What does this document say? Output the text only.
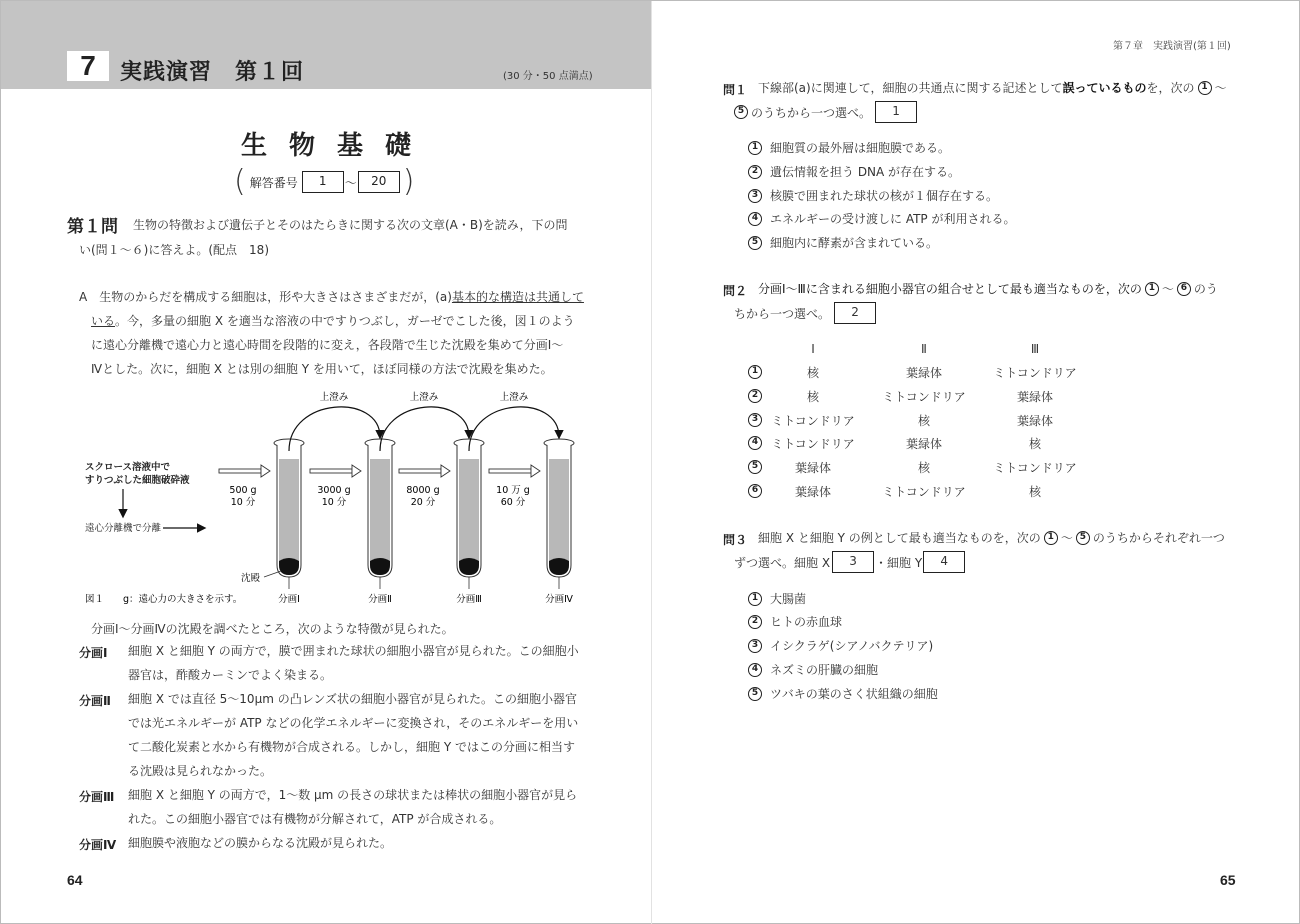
7	実践演習　第１回	(30 分・50 点満点)
生物基礎
( 解答番号	1	～	20 )
第１問 生物の特徴および遺伝子とそのはたらきに関する次の文章(A・B)を読み，下の問
い(問１～６)に答えよ。(配点　18)
A　生物のからだを構成する細胞は，形や大きさはさまざまだが，(a)基本的な構造は共通して
いる。今，多量の細胞 X を適当な溶液の中ですりつぶし，ガーゼでこした後，図１のよう
に遠心分離機で遠心力と遠心時間を段階的に変え，各段階で生じた沈殿を集めて分画Ⅰ～
Ⅳとした。次に，細胞 X とは別の細胞 Y を用いて，ほぼ同様の方法で沈殿を集めた。
スクロース溶液中で
すりつぶした細胞破砕液
遠心分離機で分離
500 g
10 分
3000 g
10 分
8000 g
20 分
10 万 g
60 分
上澄み	上澄み	上澄み
沈殿
図１ g：遠心力の大きさを示す。	分画Ⅰ	分画Ⅱ	分画Ⅲ	分画Ⅳ
分画Ⅰ～分画Ⅳの沈殿を調べたところ，次のような特徴が見られた。
分画Ⅰ 細胞 X と細胞 Y の両方で，膜で囲まれた球状の細胞小器官が見られた。この細胞小
器官は，酢酸カーミンでよく染まる。
分画Ⅱ 細胞 X では直径 5～10μm の凸レンズ状の細胞小器官が見られた。この細胞小器官
では光エネルギーが ATP などの化学エネルギーに変換され，そのエネルギーを用い
て二酸化炭素と水から有機物が合成される。しかし，細胞 Y ではこの分画に相当す
る沈殿は見られなかった。
分画Ⅲ 細胞 X と細胞 Y の両方で，1～数 μm の長さの球状または棒状の細胞小器官が見ら
れた。この細胞小器官では有機物が分解されて，ATP が合成される。
分画Ⅳ 細胞膜や液胞などの膜からなる沈殿が見られた。
64
第７章　実践演習(第１回)
問１ 下線部(a)に関連して，細胞の共通点に関する記述として 誤っているもの を，次の 1 ～
5 のうちから一つ選べ。	1
1 細胞質の最外層は細胞膜である。
2 遺伝情報を担う DNA が存在する。
3 核膜で囲まれた球状の核が１個存在する。
4 エネルギーの受け渡しに ATP が利用される。
5 細胞内に酵素が含まれている。
問２ 分画Ⅰ～Ⅲに含まれる細胞小器官の組合せとして最も適当なものを，次の 1 ～ 6 のう
ちから一つ選べ。	2
Ⅰ	Ⅱ	Ⅲ
1	核	葉緑体	ミトコンドリア
2	核	ミトコンドリア	葉緑体
3	ミトコンドリア	核	葉緑体
4	ミトコンドリア	葉緑体	核
5	葉緑体	核	ミトコンドリア
6	葉緑体	ミトコンドリア	核
問３ 細胞 X と細胞 Y の例として最も適当なものを，次の 1 ～ 5 のうちからそれぞれ一つ
ずつ選べ。細胞 X	3	・細胞 Y	4
1 大腸菌
2 ヒトの赤血球
3 イシクラゲ(シアノバクテリア)
4 ネズミの肝臓の細胞
5 ツバキの葉のさく状組織の細胞
65
